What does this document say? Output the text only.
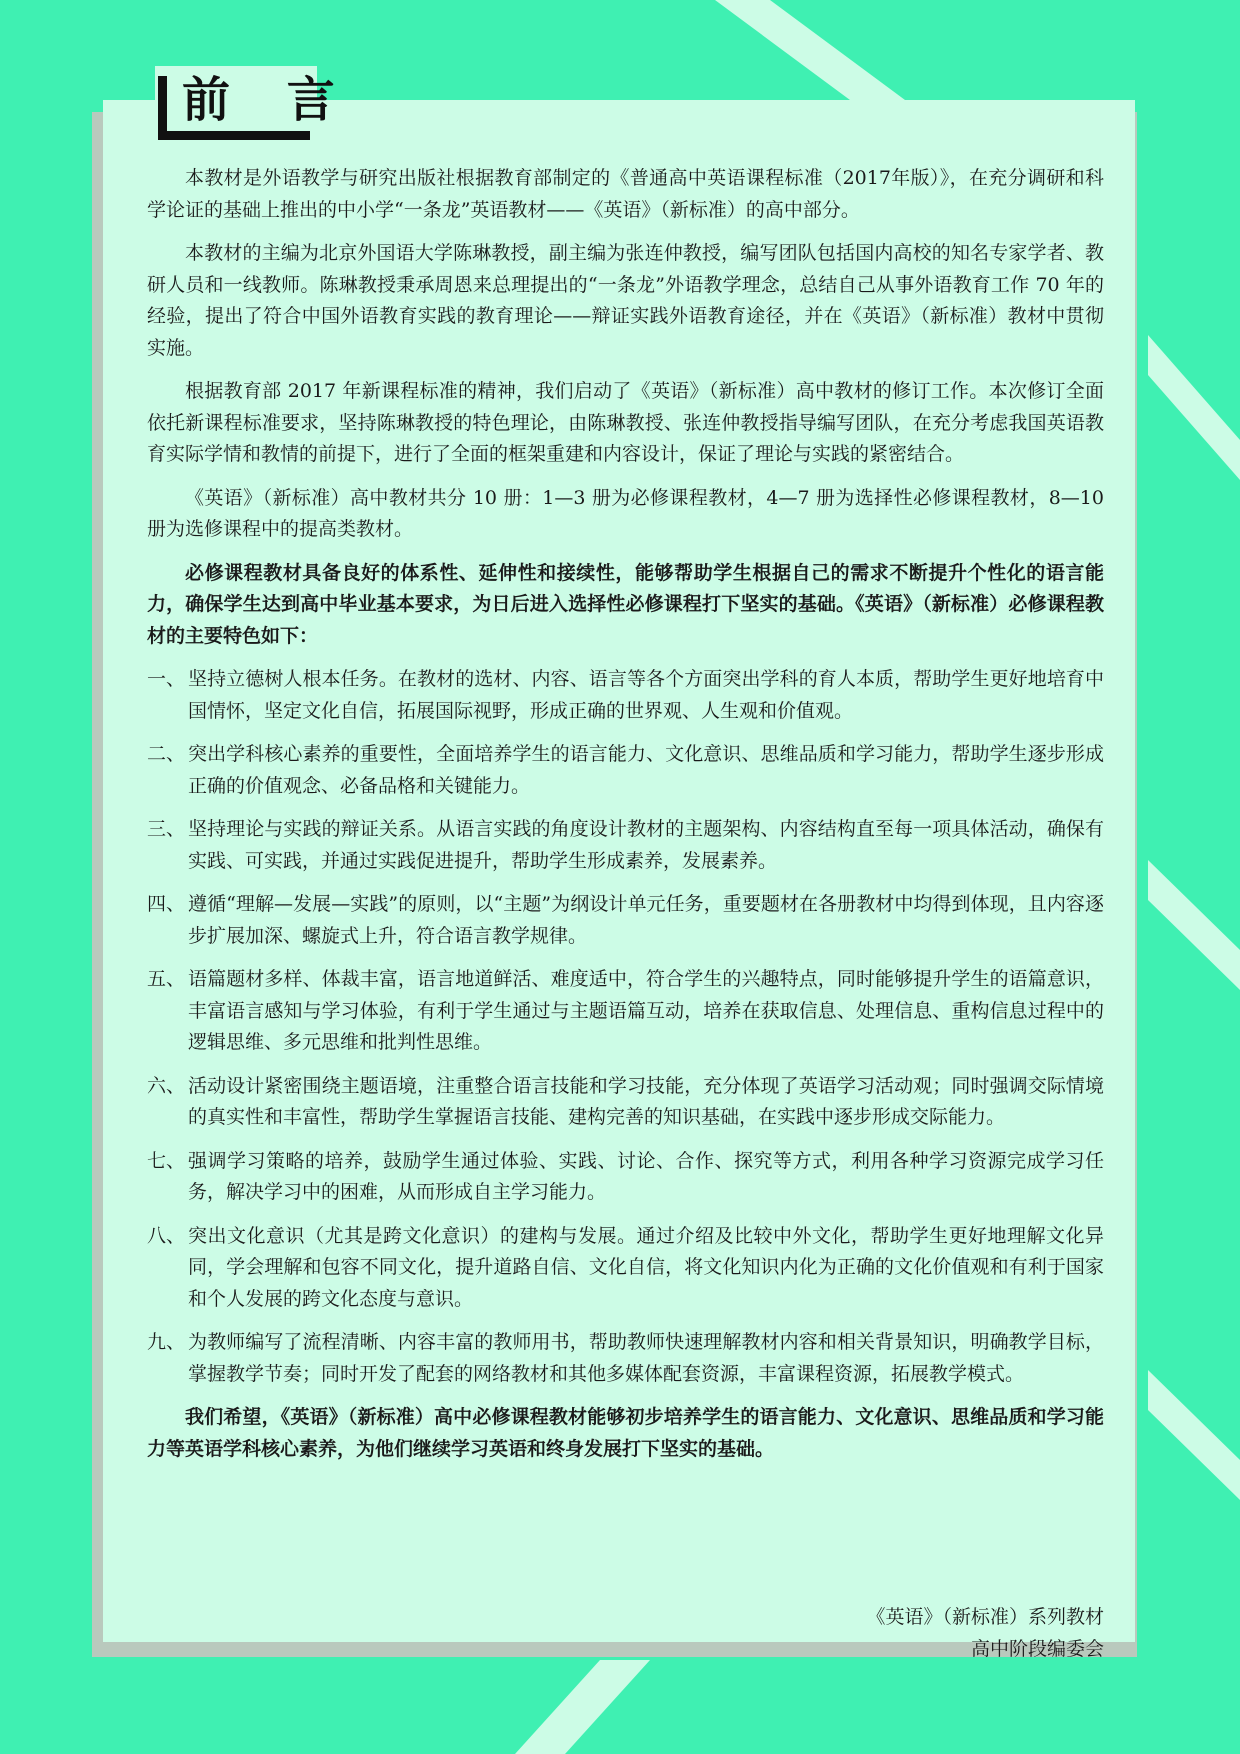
前 言

本教材是外语教学与研究出版社根据教育部制定的《普通高中英语课程标准（2017年版）》，在充分调研和科学论证的基础上推出的中小学“一条龙”英语教材——《英语》（新标准）的高中部分。

本教材的主编为北京外国语大学陈琳教授，副主编为张连仲教授，编写团队包括国内高校的知名专家学者、教研人员和一线教师。陈琳教授秉承周恩来总理提出的“一条龙”外语教学理念，总结自己从事外语教育工作 70 年的经验，提出了符合中国外语教育实践的教育理论——辩证实践外语教育途径，并在《英语》（新标准）教材中贯彻实施。

根据教育部 2017 年新课程标准的精神，我们启动了《英语》（新标准）高中教材的修订工作。本次修订全面依托新课程标准要求，坚持陈琳教授的特色理论，由陈琳教授、张连仲教授指导编写团队，在充分考虑我国英语教育实际学情和教情的前提下，进行了全面的框架重建和内容设计，保证了理论与实践的紧密结合。

《英语》（新标准）高中教材共分 10 册：1—3 册为必修课程教材，4—7 册为选择性必修课程教材，8—10 册为选修课程中的提高类教材。

必修课程教材具备良好的体系性、延伸性和接续性，能够帮助学生根据自己的需求不断提升个性化的语言能力，确保学生达到高中毕业基本要求，为日后进入选择性必修课程打下坚实的基础。《英语》（新标准）必修课程教材的主要特色如下：

一、 坚持立德树人根本任务。在教材的选材、内容、语言等各个方面突出学科的育人本质，帮助学生更好地培育中国情怀，坚定文化自信，拓展国际视野，形成正确的世界观、人生观和价值观。
二、 突出学科核心素养的重要性，全面培养学生的语言能力、文化意识、思维品质和学习能力，帮助学生逐步形成正确的价值观念、必备品格和关键能力。
三、 坚持理论与实践的辩证关系。从语言实践的角度设计教材的主题架构、内容结构直至每一项具体活动，确保有实践、可实践，并通过实践促进提升，帮助学生形成素养，发展素养。
四、 遵循“理解—发展—实践”的原则，以“主题”为纲设计单元任务，重要题材在各册教材中均得到体现，且内容逐步扩展加深、螺旋式上升，符合语言教学规律。
五、 语篇题材多样、体裁丰富，语言地道鲜活、难度适中，符合学生的兴趣特点，同时能够提升学生的语篇意识，丰富语言感知与学习体验，有利于学生通过与主题语篇互动，培养在获取信息、处理信息、重构信息过程中的逻辑思维、多元思维和批判性思维。
六、 活动设计紧密围绕主题语境，注重整合语言技能和学习技能，充分体现了英语学习活动观；同时强调交际情境的真实性和丰富性，帮助学生掌握语言技能、建构完善的知识基础，在实践中逐步形成交际能力。
七、 强调学习策略的培养，鼓励学生通过体验、实践、讨论、合作、探究等方式，利用各种学习资源完成学习任务，解决学习中的困难，从而形成自主学习能力。
八、 突出文化意识（尤其是跨文化意识）的建构与发展。通过介绍及比较中外文化，帮助学生更好地理解文化异同，学会理解和包容不同文化，提升道路自信、文化自信，将文化知识内化为正确的文化价值观和有利于国家和个人发展的跨文化态度与意识。
九、 为教师编写了流程清晰、内容丰富的教师用书，帮助教师快速理解教材内容和相关背景知识，明确教学目标，掌握教学节奏；同时开发了配套的网络教材和其他多媒体配套资源，丰富课程资源，拓展教学模式。

我们希望，《英语》（新标准）高中必修课程教材能够初步培养学生的语言能力、文化意识、思维品质和学习能力等英语学科核心素养，为他们继续学习英语和终身发展打下坚实的基础。

《英语》（新标准）系列教材
高中阶段编委会
